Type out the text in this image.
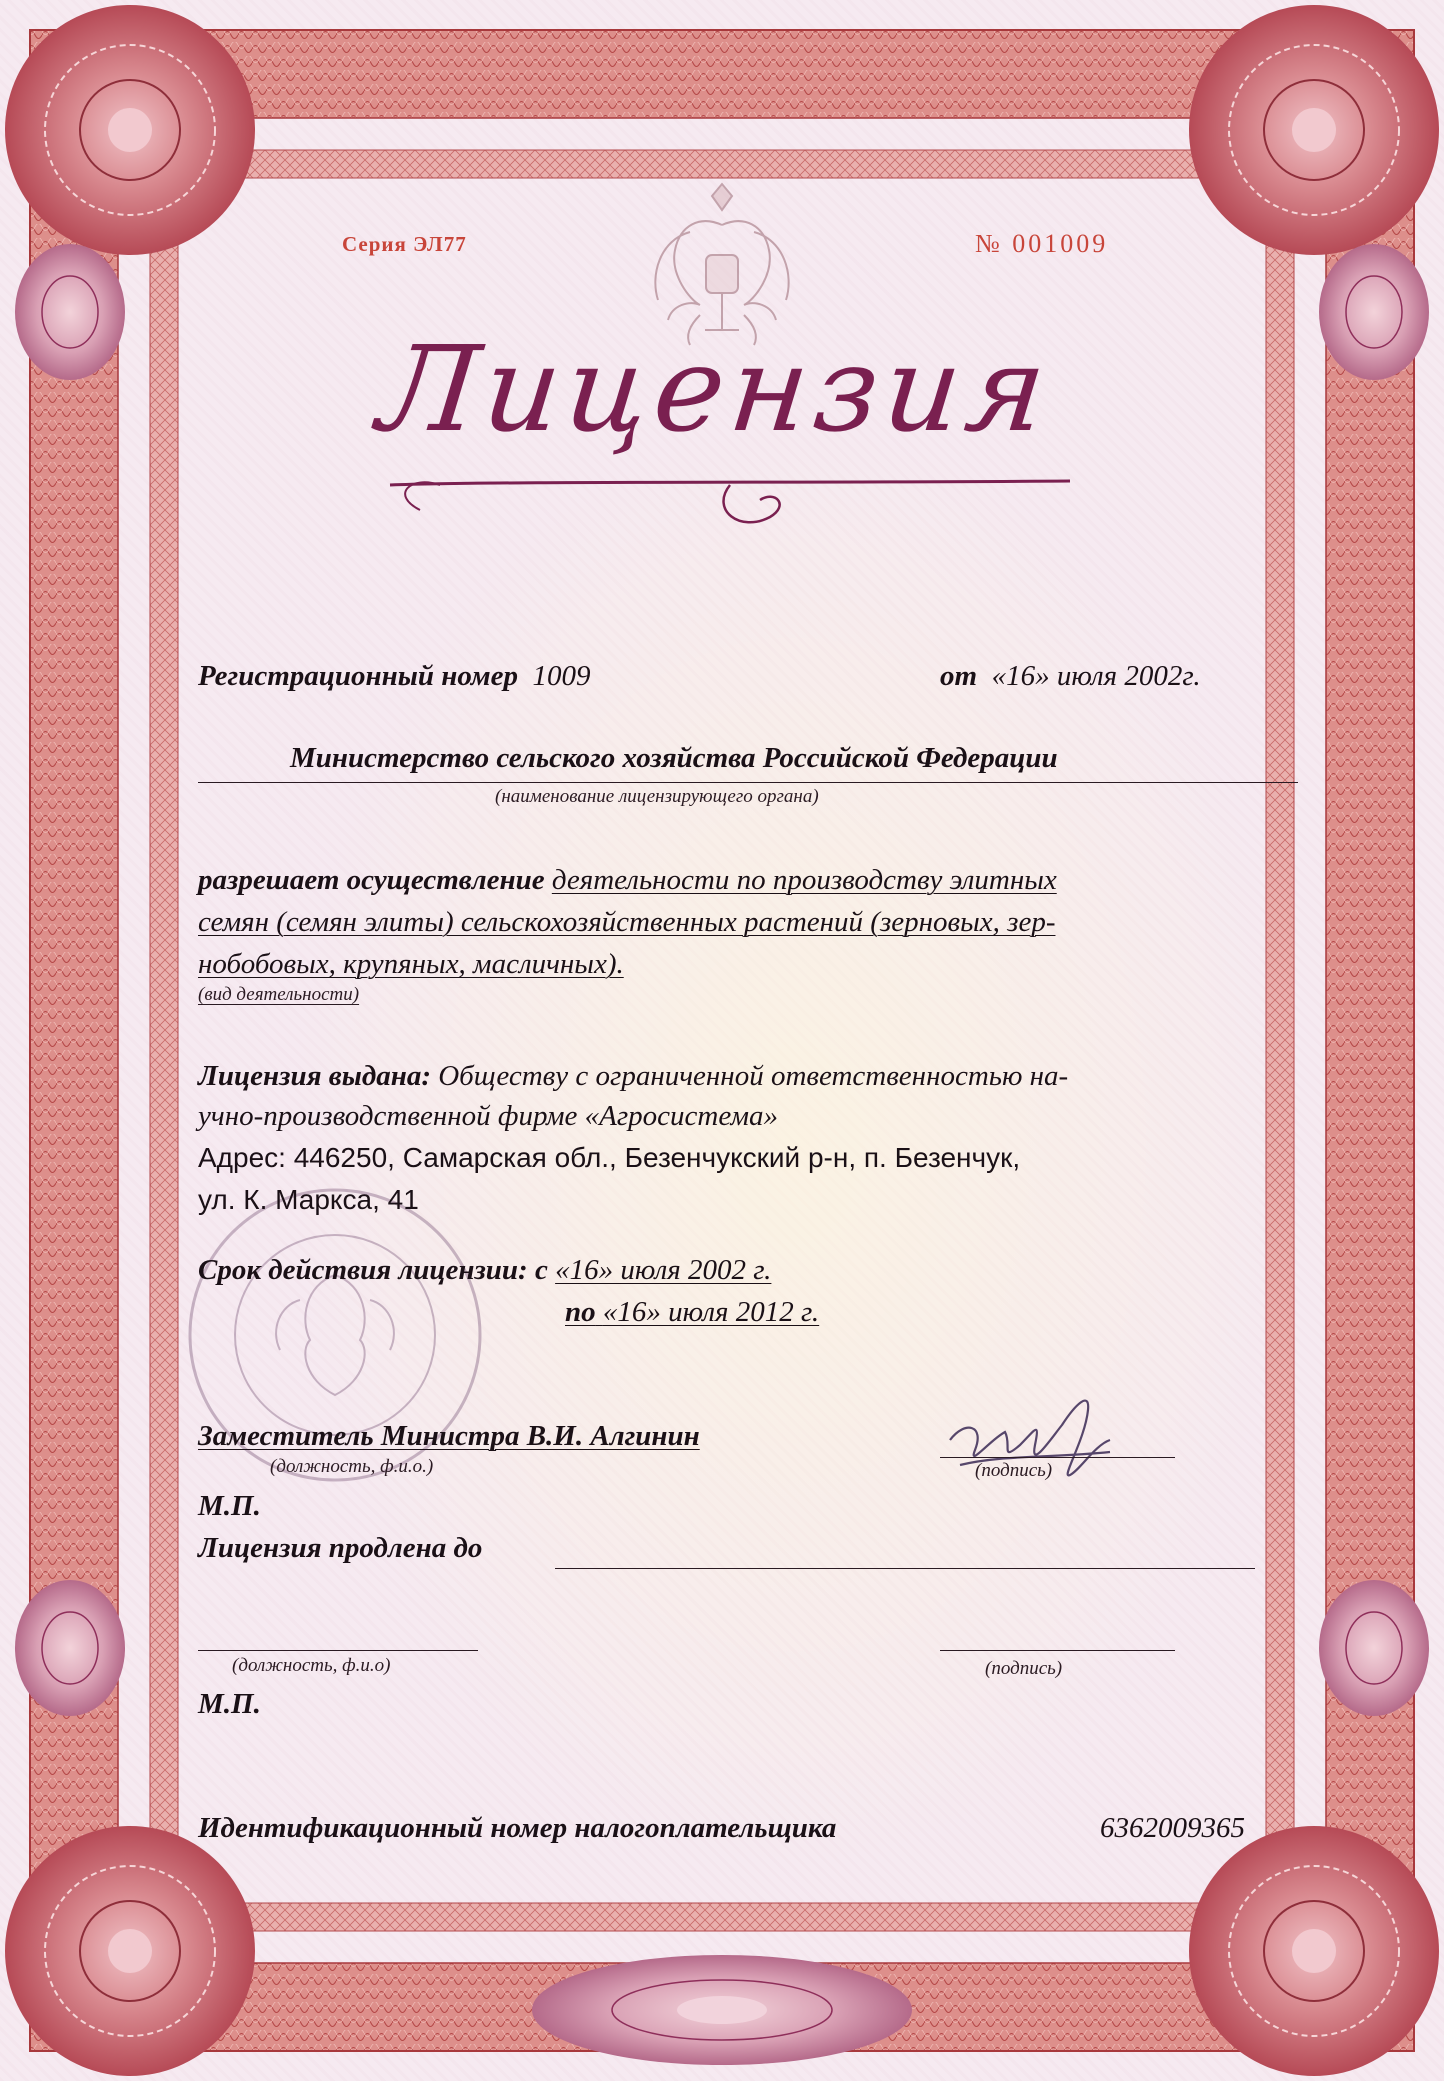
Серия ЭЛ77	№ 001009
Лицензия
Регистрационный номер 1009	от «16» июля 2002г.
Министерство сельского хозяйства Российской Федерации
(наименование лицензирующего органа)
разрешает осуществление деятельности по производству элитных
семян (семян элиты) сельскохозяйственных растений (зерновых, зер-
нобобовых, крупяных, масличных).
(вид деятельности)
Лицензия выдана: Обществу с ограниченной ответственностью на-
учно-производственной фирме «Агросистема»
Адрес: 446250, Самарская обл., Безенчукский р-н, п. Безенчук,
ул. К. Маркса, 41
Срок действия лицензии: с «16» июля 2002 г.
по «16» июля 2012 г.
Заместитель Министра В.И. Алгинин
(должность, ф.и.о.)	(подпись)
М.П.
Лицензия продлена до
(должность, ф.и.о)	(подпись)
М.П.
Идентификационный номер налогоплательщика	6362009365
